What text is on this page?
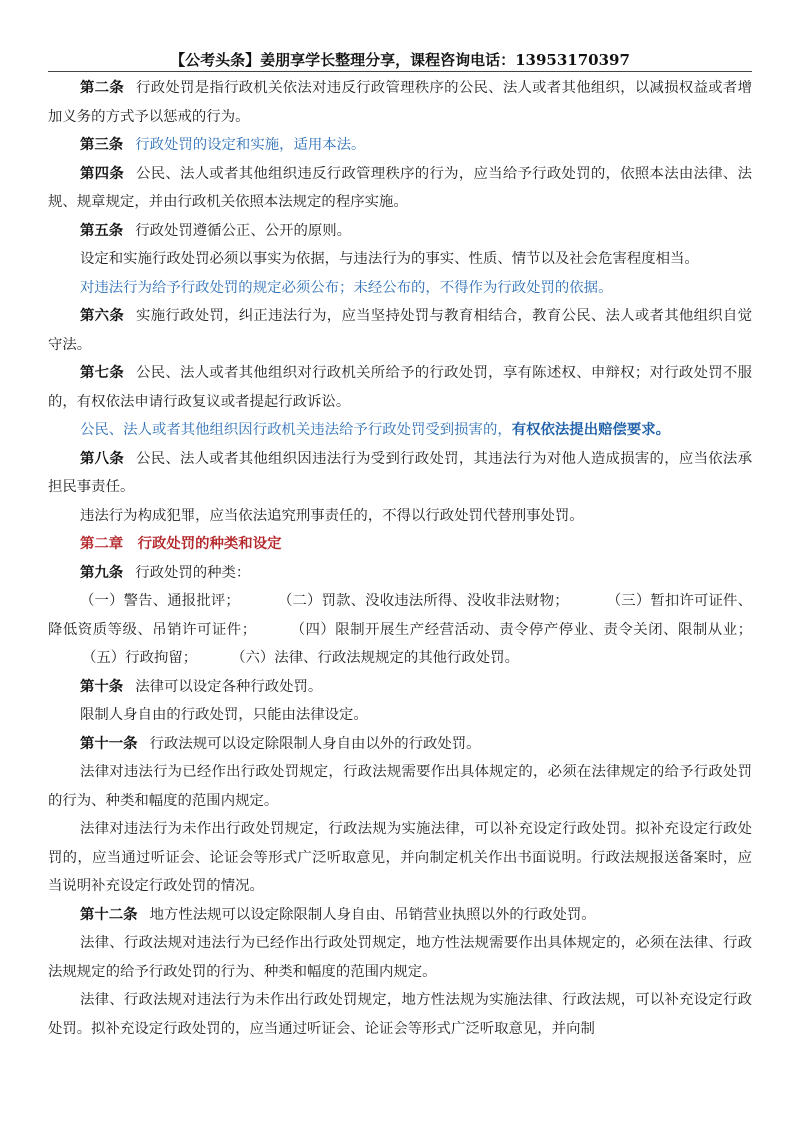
【公考头条】姜朋享学长整理分享，课程咨询电话：13953170397

第二条 行政处罚是指行政机关依法对违反行政管理秩序的公民、法人或者其他组织，以减损权益或者增加义务的方式予以惩戒的行为。

第三条 行政处罚的设定和实施，适用本法。

第四条 公民、法人或者其他组织违反行政管理秩序的行为，应当给予行政处罚的，依照本法由法律、法规、规章规定，并由行政机关依照本法规定的程序实施。

第五条 行政处罚遵循公正、公开的原则。

设定和实施行政处罚必须以事实为依据，与违法行为的事实、性质、情节以及社会危害程度相当。

对违法行为给予行政处罚的规定必须公布；未经公布的，不得作为行政处罚的依据。

第六条 实施行政处罚，纠正违法行为，应当坚持处罚与教育相结合，教育公民、法人或者其他组织自觉守法。

第七条 公民、法人或者其他组织对行政机关所给予的行政处罚，享有陈述权、申辩权；对行政处罚不服的，有权依法申请行政复议或者提起行政诉讼。

公民、法人或者其他组织因行政机关违法给予行政处罚受到损害的，有权依法提出赔偿要求。

第八条 公民、法人或者其他组织因违法行为受到行政处罚，其违法行为对他人造成损害的，应当依法承担民事责任。

违法行为构成犯罪，应当依法追究刑事责任的，不得以行政处罚代替刑事处罚。

第二章　行政处罚的种类和设定

第九条 行政处罚的种类：

（一）警告、通报批评；	（二）罚款、没收违法所得、没收非法财物；	（三）暂扣许可证件、降低资质等级、吊销许可证件； （四）限制开展生产经营活动、责令停产停业、责令关闭、限制从业；（五）行政拘留； （六）法律、行政法规规定的其他行政处罚。

第十条 法律可以设定各种行政处罚。

限制人身自由的行政处罚，只能由法律设定。

第十一条 行政法规可以设定除限制人身自由以外的行政处罚。

法律对违法行为已经作出行政处罚规定，行政法规需要作出具体规定的，必须在法律规定的给予行政处罚的行为、种类和幅度的范围内规定。

法律对违法行为未作出行政处罚规定，行政法规为实施法律，可以补充设定行政处罚。拟补充设定行政处罚的，应当通过听证会、论证会等形式广泛听取意见，并向制定机关作出书面说明。行政法规报送备案时，应当说明补充设定行政处罚的情况。

第十二条 地方性法规可以设定除限制人身自由、吊销营业执照以外的行政处罚。

法律、行政法规对违法行为已经作出行政处罚规定，地方性法规需要作出具体规定的，必须在法律、行政法规规定的给予行政处罚的行为、种类和幅度的范围内规定。

法律、行政法规对违法行为未作出行政处罚规定，地方性法规为实施法律、行政法规，可以补充设定行政处罚。拟补充设定行政处罚的，应当通过听证会、论证会等形式广泛听取意见，并向制
